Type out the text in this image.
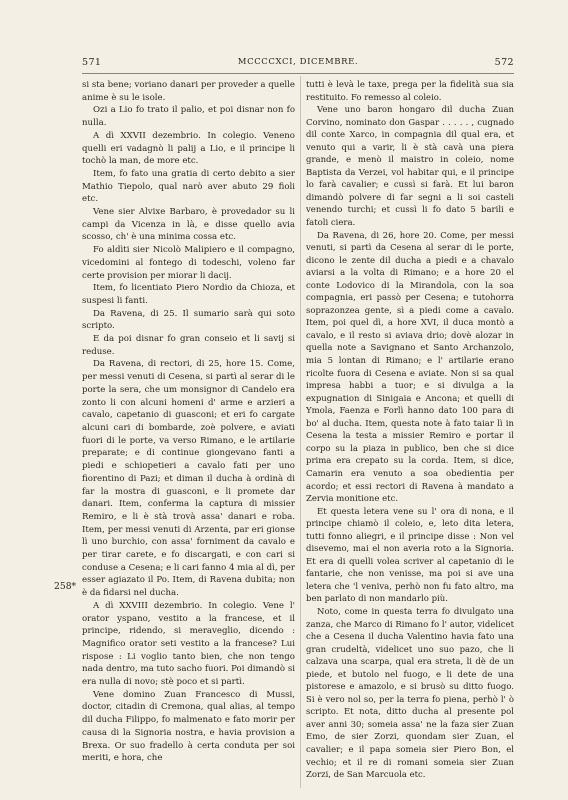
571	MCCCCXCI, DICEMBRE.	572
258*

si sta bene; voriano danari per proveder a quelle anime è su le isole.

Ozi a Lio fo trato il palio, et poi disnar non fo nulla.

A dì XXVII dezembrio. In colegio. Veneno quelli eri vadagnò li palij a Lio, e il principe li tochò la man, de more etc.

Item, fo fato una gratia di certo debito a sier Mathio Tiepolo, qual narò aver abuto 29 fioli etc.

Vene sier Alvixe Barbaro, è provedador su li campi da Vicenza in là, e disse quello avia scosso, ch' è una minima cossa etc.

Fo aldìti sier Nicolò Malipiero e il compagno, vicedomini al fontego di todeschi, voleno far certe provision per miorar li dacij.

Item, fo licentiato Piero Nordio da Chioza, et suspesi li fanti.

Da Ravena, di 25. Il sumario sarà qui soto scripto.

E da poi disnar fo gran conseio et li savij si reduse.

Da Ravena, di rectori, di 25, hore 15. Come, per messi venuti di Cesena, si partì al serar di le porte la sera, che um monsignor di Candelo era zonto li con alcuni homeni d' arme e arzieri a cavalo, capetanio di guasconi; et eri fo cargate alcuni cari di bombarde, zoè polvere, e aviati fuori di le porte, va verso Rimano, e le artilarie preparate; e di continue giongevano fanti a piedi e schiopetieri a cavalo fati per uno fiorentino di Pazi; et diman il ducha à ordinà di far la mostra di guasconi, e li promete dar danari. Item, conferma la captura di missier Remiro, e li è stà trovà assa' danari e roba. Item, per messi venuti di Arzenta, par eri gionse lì uno burchio, con assa' forniment da cavalo e per tirar carete, e fo discargati, e con cari si conduse a Cesena; e li cari fanno 4 mia al dì, per esser agiazato il Po. Item, di Ravena dubita; non è da fidarsi nel ducha.

A dì XXVIII dezembrio. In colegio. Vene l' orator yspano, vestito a la francese, et il principe, ridendo, si meraveglio, dicendo : Magnifico orator seti vestito a la francese? Lui rispose : Li voglio tanto bien, che non tengo nada dentro, ma tuto sacho fuori. Poi dimandò si era nulla di novo; stè poco et si partì.

Vene domino Zuan Francesco di Mussi, doctor, citadin di Cremona, qual alias, al tempo dil ducha Filippo, fo malmenato e fato morir per causa di la Signoria nostra, e havia provision a Brexa. Or suo fradello à certa conduta per soi meriti, e hora, che

tutti è levà le taxe, prega per la fidelità sua sia restituito. Fo remesso al coleio.

Vene uno baron hongaro dil ducha Zuan Corvino, nominato don Gaspar . . . . . , cugnado dil conte Xarco, in compagnia dil qual era, et venuto qui a varir, li è stà cavà una piera grande, e menò il maistro in coleio, nome Baptista da Verzei, vol habitar qui, e il principe lo farà cavalier; e cussì si farà. Et lui baron dimandò polvere di far segni a li soi casteli venendo turchi; et cussì li fo dato 5 barili e fatoli ciera.

Da Ravena, di 26, hore 20. Come, per messi venuti, si partì da Cesena al serar di le porte, dicono le zente dil ducha a piedi e a chavalo aviarsi a la volta di Rimano; e a hore 20 el conte Lodovico di la Mirandola, con la soa compagnia, eri passò per Cesena; e tutohorra soprazonzea gente, sì a piedi come a cavalo. Item, poi quel dì, a hore XVI, il duca montò a cavalo, e il resto si aviava drio; dovè alozar in quella note a Savignano et Santo Archanzolo, mia 5 lontan di Rimano; e l' artilarie erano ricolte fuora di Cesena e aviate. Non si sa qual impresa habbi a tuor; e si divulga a la expugnation di Sinigaia e Ancona; et quelli di Ymola, Faenza e Forlì hanno dato 100 para di bo' al ducha. Item, questa note à fato taiar lì in Cesena la testa a missier Remiro e portar il corpo su la piaza in publico, ben che si dice prima era crepato su la corda. Item, si dice, Camarin era venuto a soa obedientia per acordo; et essi rectori di Ravena à mandato a Zervia monitione etc.

Et questa letera vene su l' ora di nona, e il principe chiamò il coleio, e, leto dita letera, tutti fonno aliegri, e il principe disse : Non vel disevemo, mai el non averia roto a la Signoria. Et era di quelli volea scriver al capetanio di le fantarie, che non venisse, ma poi si ave una letera che 'l veniva, perhò non fu fato altro, ma ben parlato di non mandarlo più.

Noto, come in questa terra fo divulgato una zanza, che Marco di Rimano fo l' autor, videlicet che a Cesena il ducha Valentino havia fato una gran crudeltà, videlicet uno suo pazo, che li calzava una scarpa, qual era streta, li dè de un piede, et butolo nel fuogo, e li dete de una pistorese e amazolo, e si brusò su ditto fuogo. Si è vero nol so, per la terra fo piena, perhò l' ò scripto. Et nota, ditto ducha al presente pol aver anni 30; someia assa' ne la faza sier Zuan Emo, de sier Zorzi, quondam sier Zuan, el cavalier; e il papa someia sier Piero Bon, el vechio; et il re di romani someia sier Zuan Zorzi, de San Marcuola etc.
